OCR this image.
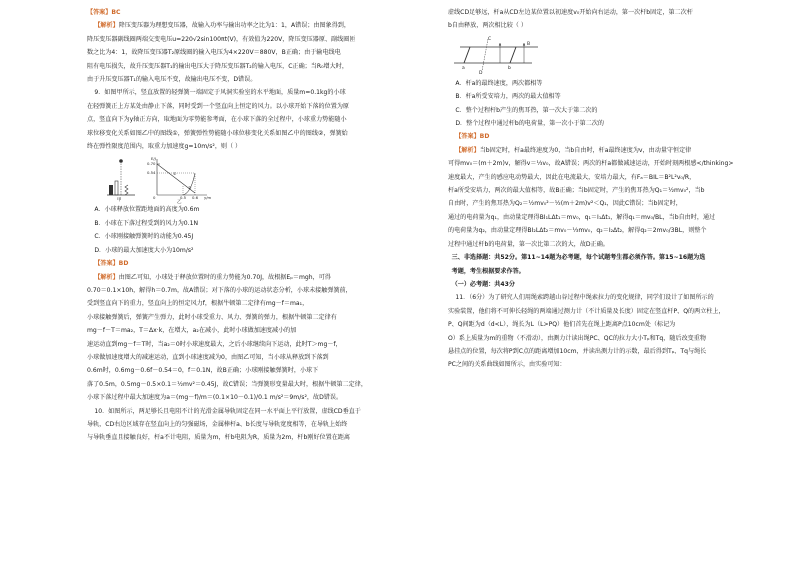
【答案】BC

【解析】降压变压器为理想变压器，故输入功率与输出功率之比为1：1，A错误；由图象得到，

降压变压器副线圈两端交变电压u=220√2sin100πt(V)，有效值为220V，降压变压器原、副线圈匝

数之比为4：1，故降压变压器T₂原线圈的输入电压为4×220V＝880V，B正确；由于输电线电

阻有电压损失，故升压变压器T₁的输出电压大于降压变压器T₂的输入电压，C正确；当R₀增大时，

由于升压变压器T₁的输入电压不变，故输出电压不变，D错误。

9．如图甲所示，竖直放置的轻弹簧一端固定于风洞实验室的水平地面，质量m=0.1kg的小球

在轻弹簧正上方某处由静止下落，同时受到一个竖直向上恒定的风力。以小球开始下落的位置为原

点，竖直向下为y轴正方向，取地面为零势能参考面，在小球下落的全过程中，小球重力势能随小

球位移变化关系如图乙中的图线①，弹簧弹性势能随小球位移变化关系如图乙中的图线②，弹簧始

终在弹性限度范围内，取重力加速度g=10m/s²，则（ ）

甲
E/J
0.70
0.54
0	0.5 0.6 y/m
①
②
乙

A．小球释放位置距地面的高度为0.6m

B．小球在下落过程受到的风力为0.1N

C．小球刚接触弹簧时的动能为0.45J

D．小球的最大加速度大小为10m/s²

【答案】BD

【解析】由图乙可知，小球处于释放位置时的重力势能为0.70J，故根据Eₚ＝mgh，可得

0.70＝0.1×10h，解得h＝0.7m，故A错误；对下落的小球的运动状态分析，小球未接触弹簧前，

受到竖直向下的重力，竖直向上的恒定风力f，根据牛顿第二定律有mg－f＝ma₁，

小球接触弹簧后，弹簧产生弹力，此时小球受重力、风力、弹簧的弹力，根据牛顿第二定律有

mg－f－T＝ma₂，T＝Δx·k，在增大，a₂在减小，此时小球做加速度减小的加

速运动直到mg－f＝T时，当a₂＝0时小球速度最大，之后小球继续向下运动，此时T＞mg－f，

小球做加速度增大的减速运动，直到小球速度减为0，由图乙可知，当小球从释放到下落到

0.6m时，0.6mg－0.6f－0.54＝0，f＝0.1N，故B正确；小球刚接触弹簧时，小球下

落了0.5m，0.5mg－0.5×0.1＝½mv²＝0.45J，故C错误；当弹簧形变量最大时，根据牛顿第二定律，

小球下落过程中最大加速度为a＝(mg－f)/m＝(0.1×10－0.1)/0.1 m/s²＝9m/s²，故D错误。

10．如图所示，两足够长且电阻不计的光滑金属导轨固定在同一水平面上平行放置，虚线CD垂直于

导轨，CD右边区域存在竖直向上的匀强磁场，金属棒杆a、b长度与导轨宽度相等，在导轨上始终

与导轨垂直且接触良好，杆a不计电阻，质量为m，杆b电阻为R，质量为2m，杆b刚好位置在距离

虚线CD足够远，杆a从CD左边某位置以初速度v₀开始向右运动，第一次杆b固定，第二次杆

b自由释放，两次相比较（ ）

a	b
C
D
B

A．杆a的最终速度，两次都相等

B．杆a所受安培力，两次的最大值相等

C．整个过程杆b产生的焦耳热，第一次大于第二次的

D．整个过程中通过杆b的电荷量，第一次小于第二次的

【答案】BD

【解析】当b固定时，杆a最终速度为0，当b自由时，杆a最终速度为v，由动量守恒定律

可得mv₀＝(m＋2m)v，解得v＝⅓v₀，故A错误；两次的杆a都做减速运动，开始时刻两根感</thinking>

速度最大，产生的感应电动势最大，因此在电流最大，安培力最大，有Fₐ＝BIL＝B²L²v₀/R，

杆a所受安培力，两次的最大值相等，故B正确；当b固定时，产生的焦耳热为Q₁＝½mv₀²，当b

自由时，产生的焦耳热为Q₂＝½mv₀²－½(m＋2m)v²＜Q₁，因此C错误；当b固定时，

通过的电荷量为q₁，由动量定理得BI₁LΔt₁＝mv₀，q₁＝I₁Δt₁，解得q₁＝mv₀/BL，当b自由时，通过

的电荷量为q₂，由动量定理得BI₂LΔt₂＝mv₀－⅓mv₀，q₂＝I₂Δt₂，解得q₂＝2mv₀/3BL，则整个

过程中通过杆b的电荷量，第一次比第二次的大，故D正确。

三、非选择题：共52分。第11~14题为必考题，每个试题考生都必须作答。第15~16题为选

考题，考生根据要求作答。

（一）必考题：共43分

11．（6分）为了研究人们用绳索跨越山谷过程中绳索拉力的变化规律，同学们设计了如图所示的

实验装置，他们将不可伸长轻绳的两端通过测力计（不计质量及长度）固定在竖直杆P、Q的两立柱上，

P、Q间距为d（d<L），绳长为L（L>PQ）他们首先在绳上距离P点10cm处（标记为

O）系上质量为m的重物（不滑动），由测力计读出绳PC、QC的拉力大小Tₚ和Tq，随后改变重物

悬挂点的位置，每次将P到C点的距离增加10cm，并读出测力计的示数，最后得到Tₚ、Tq与绳长

PC之间的关系曲线如图所示，由实验可知：
